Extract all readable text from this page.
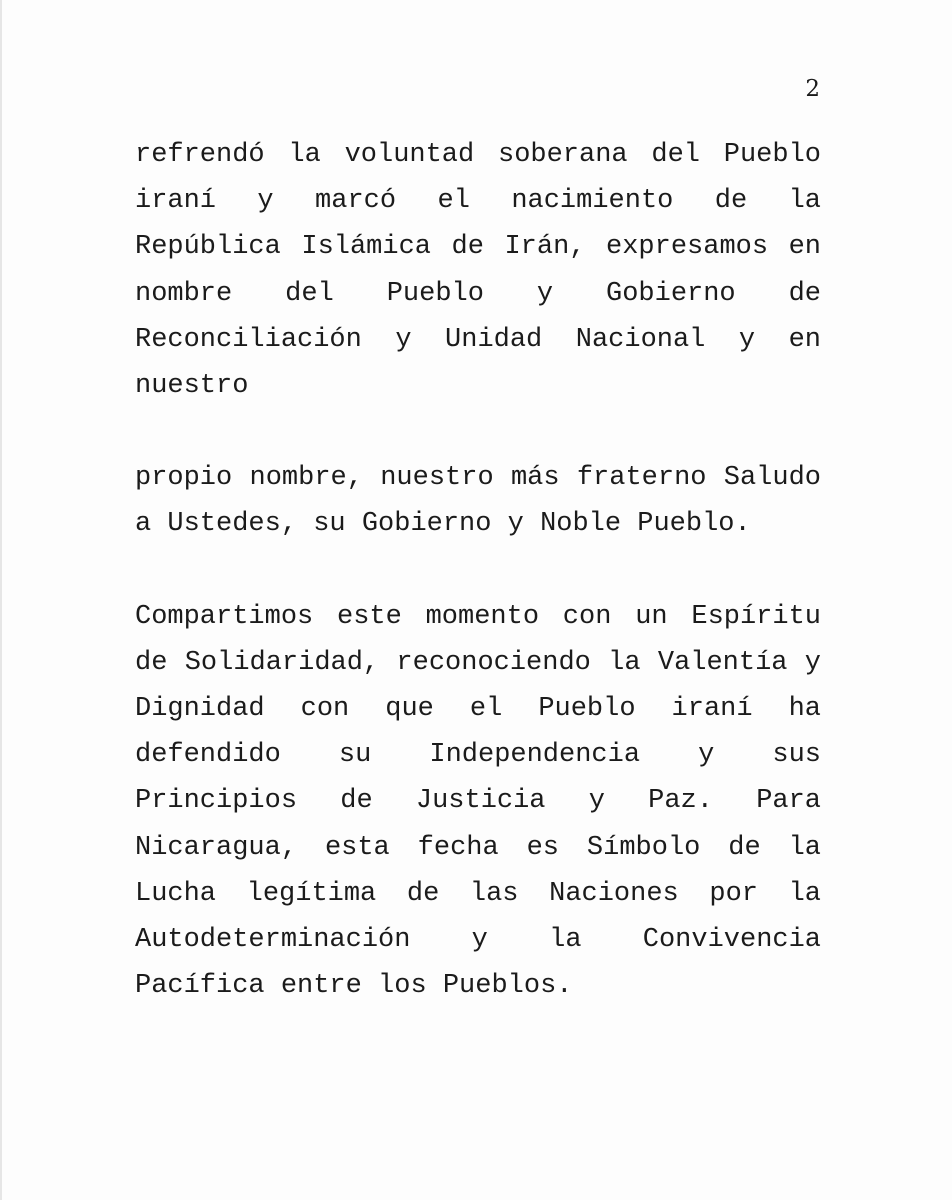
2

refrendó la voluntad soberana del Pueblo
iraní y marcó el nacimiento de la
República Islámica de Irán, expresamos en
nombre del Pueblo y Gobierno de
Reconciliación y Unidad Nacional y en
nuestro

propio nombre, nuestro más fraterno Saludo
a Ustedes, su Gobierno y Noble Pueblo.

Compartimos este momento con un Espíritu
de Solidaridad, reconociendo la Valentía y
Dignidad con que el Pueblo iraní ha
defendido su Independencia y sus
Principios de Justicia y Paz. Para
Nicaragua, esta fecha es Símbolo de la
Lucha legítima de las Naciones por la
Autodeterminación y la Convivencia
Pacífica entre los Pueblos.
